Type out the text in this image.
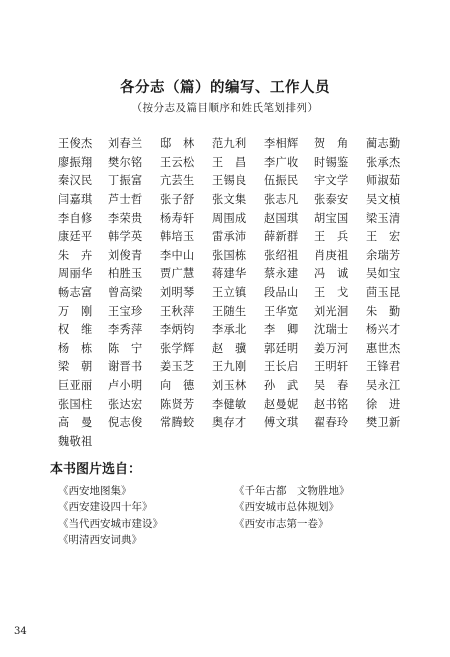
各分志（篇）的编写、工作人员
（按分志及篇目顺序和姓氏笔划排列）
王俊杰	刘春兰	邸　林	范九利	李相辉	贺　角	蔺志勤
廖振翔	樊尔铭	王云松	王　昌	李广收	时锡鉴	张承杰
秦汉民	丁振富	亢芸生	王锡良	伍振民	宇文学	师淑茹
闫嘉琪	芦士哲	张子舒	张文集	张志凡	张泰安	吴文楨
李自修	李荣贵	杨寿轩	周围成	赵国琪	胡宝国	梁玉清
康廷平	韩学英	韩培玉	雷承沛	薛新群	王　兵	王　宏
朱　卉	刘俊青	李中山	张国栋	张绍祖	肖庚祖	余瑞芳
周丽华	柏胜玉	贾广慧	蒋建华	蔡永建	冯　诚	吴如宝
畅志富	曾高梁	刘明琴	王立镇	段品山	王　戈	茴玉昆
万　刚	王宝珍	王秋萍	王随生	王华宽	刘光洄	朱　勤
权　维	李秀萍	李炳钧	李承北	李　卿	沈瑞士	杨兴才
杨　栋	陈　宁	张学辉	赵　骥	郭廷明	姜万河	惠世杰
梁　朝	谢晋书	姜玉芝	王九刚	王长启	王明轩	王锋君
巨亚丽	卢小明	向　德	刘玉林	孙　武	吴　春	吴永江
张国柱	张达宏	陈贤芳	李健敏	赵曼妮	赵书铭	徐　进
高　曼	倪志俊	常腾蛟	奥存才	傅文琪	翟春玲	樊卫新
魏敬祖
本书图片选自：
《西安地图集》	《千年古都　文物胜地》
《西安建设四十年》	《西安城市总体规划》
《当代西安城市建设》	《西安市志第一卷》
《明清西安词典》
34
